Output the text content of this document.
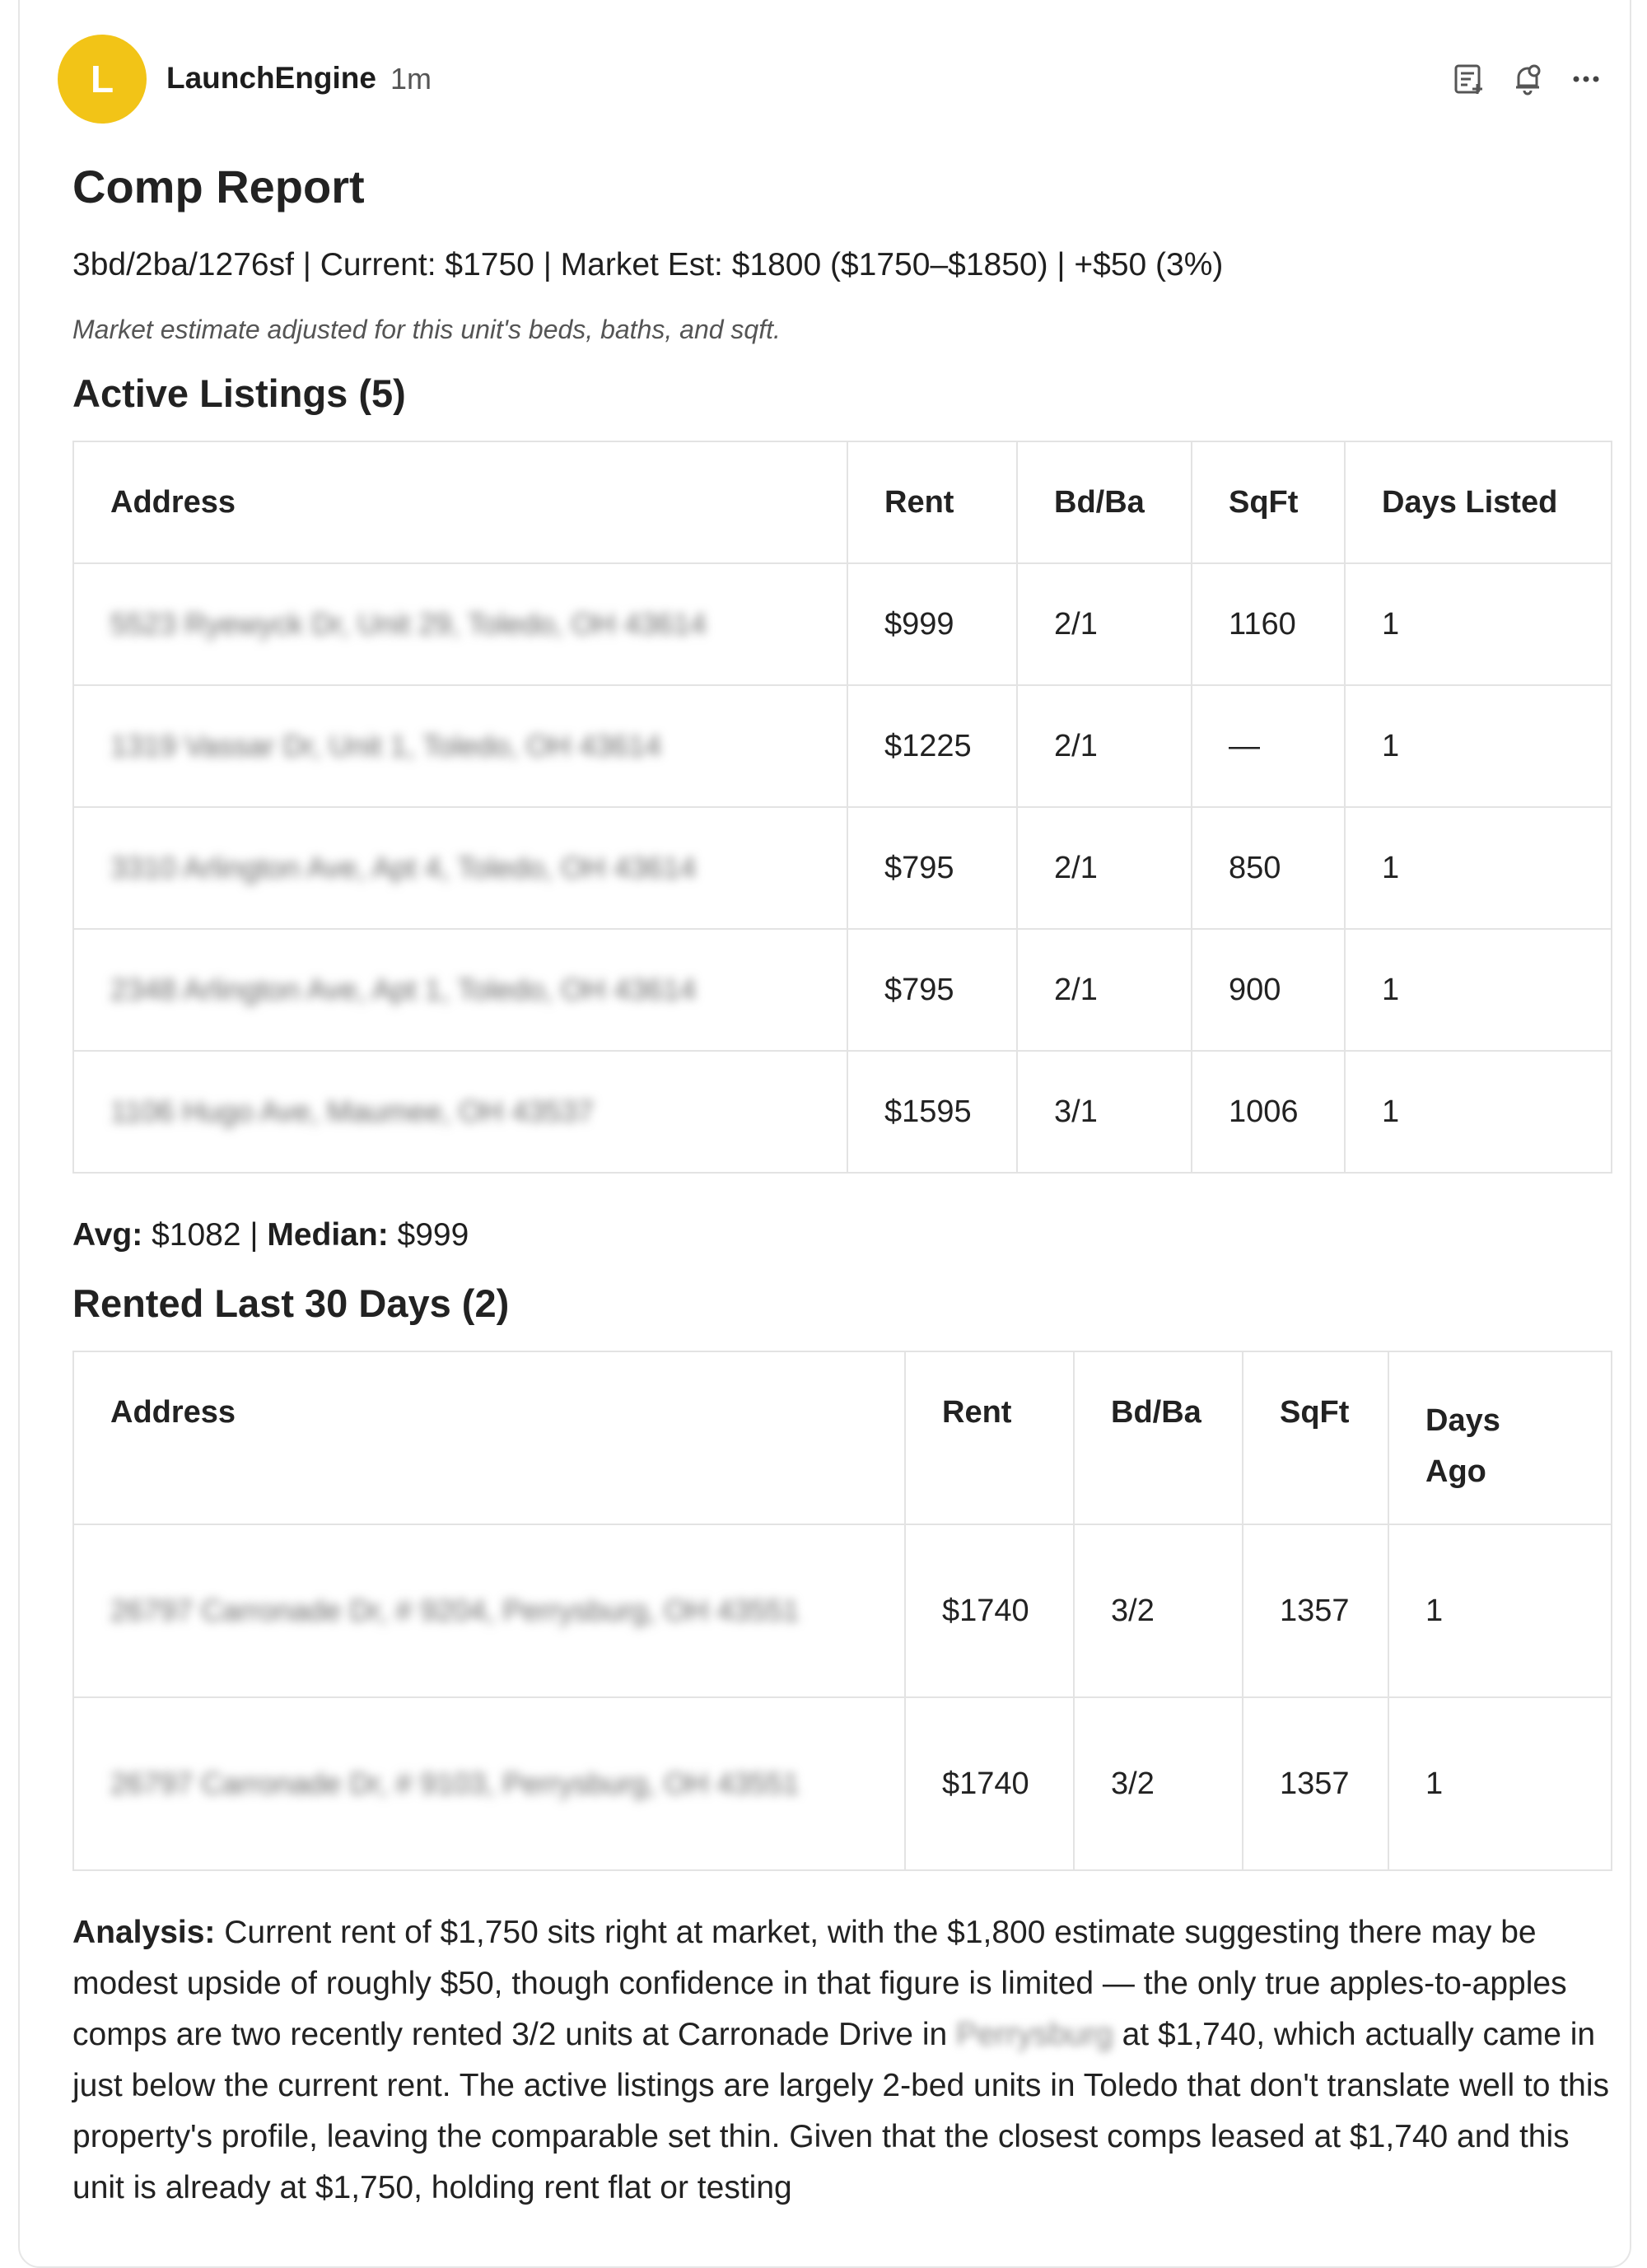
L	LaunchEngine 1m
Comp Report
3bd/2ba/1276sf | Current: $1750 | Market Est: $1800 ($1750–$1850) | +$50 (3%)
Market estimate adjusted for this unit's beds, baths, and sqft.
Active Listings (5)
Address	Rent	Bd/Ba	SqFt	Days Listed
5523 Ryewyck Dr, Unit 29, Toledo, OH 43614	$999	2/1	1160	1
1319 Vassar Dr, Unit 1, Toledo, OH 43614	$1225	2/1	—	1
3310 Arlington Ave, Apt 4, Toledo, OH 43614	$795	2/1	850	1
2348 Arlington Ave, Apt 1, Toledo, OH 43614	$795	2/1	900	1
1106 Hugo Ave, Maumee, OH 43537	$1595	3/1	1006	1
Avg: $1082 | Median: $999
Rented Last 30 Days (2)
Address	Rent	Bd/Ba	SqFt	Days Ago
26797 Carronade Dr, # 9204, Perrysburg, OH 43551	$1740	3/2	1357	1
26797 Carronade Dr, # 9103, Perrysburg, OH 43551	$1740	3/2	1357	1
Analysis: Current rent of $1,750 sits right at market, with the $1,800 estimate suggesting there may be modest upside of roughly $50, though confidence in that figure is limited — the only true apples-to-apples comps are two recently rented 3/2 units at Carronade Drive in Perrysburg at $1,740, which actually came in just below the current rent. The active listings are largely 2-bed units in Toledo that don't translate well to this property's profile, leaving the comparable set thin. Given that the closest comps leased at $1,740 and this unit is already at $1,750, holding rent flat or testing
